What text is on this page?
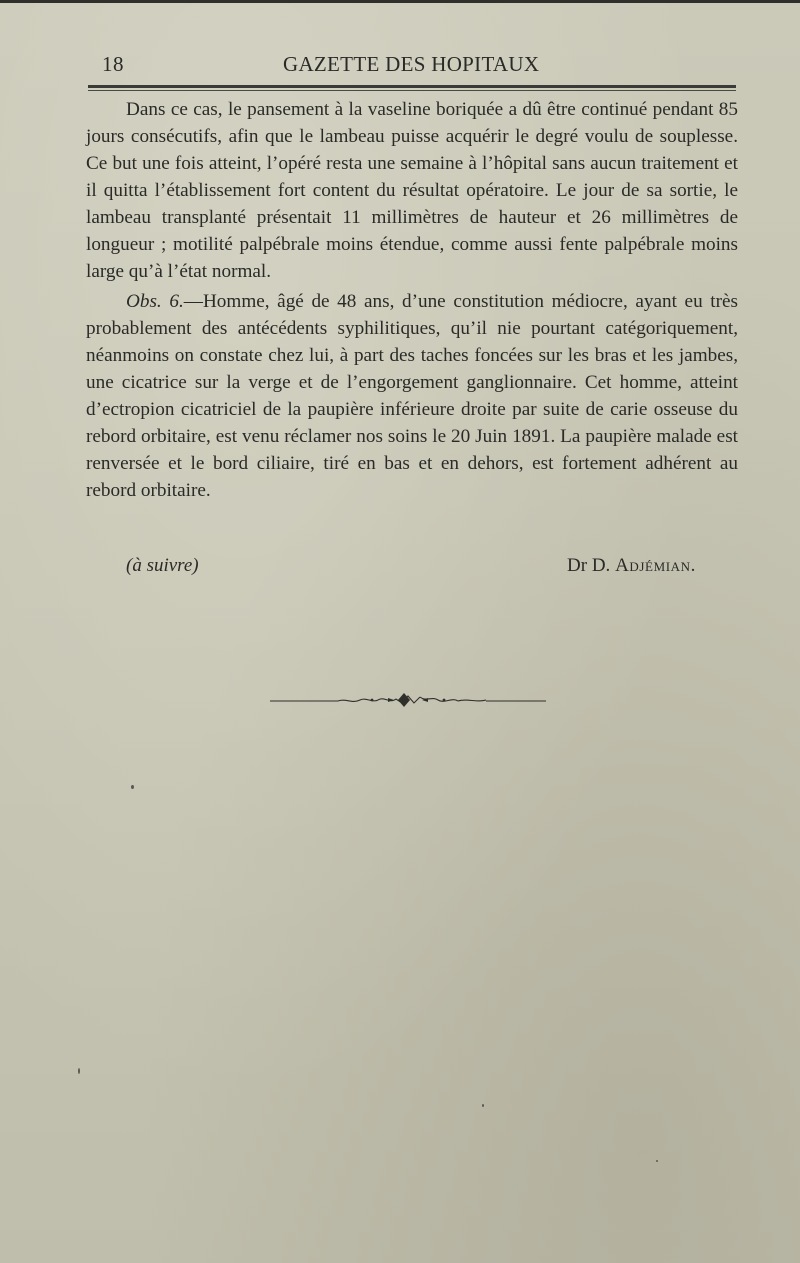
18	GAZETTE DES HOPITAUX

Dans ce cas, le pansement à la vaseline boriquée a dû être continué pendant 85 jours consécutifs, afin que le lambeau puisse acquérir le degré voulu de souplesse. Ce but une fois atteint, l’opéré resta une semaine à l’hôpital sans aucun traitement et il quitta l’établissement fort content du résultat opératoire. Le jour de sa sortie, le lambeau transplanté présentait 11 millimètres de hauteur et 26 millimètres de longueur ; motilité palpébrale moins étendue, comme aussi fente palpébrale moins large qu’à l’état normal.

Obs. 6.—Homme, âgé de 48 ans, d’une constitution médiocre, ayant eu très probablement des antécédents syphilitiques, qu’il nie pourtant catégoriquement, néanmoins on constate chez lui, à part des taches foncées sur les bras et les jambes, une cicatrice sur la verge et de l’engorgement ganglionnaire. Cet homme, atteint d’ectropion cicatriciel de la paupière inférieure droite par suite de carie osseuse du rebord orbitaire, est venu réclamer nos soins le 20 Juin 1891. La paupière malade est renversée et le bord ciliaire, tiré en bas et en dehors, est fortement adhérent au rebord orbitaire.

(à suivre)	Dr D. Adjémian.
